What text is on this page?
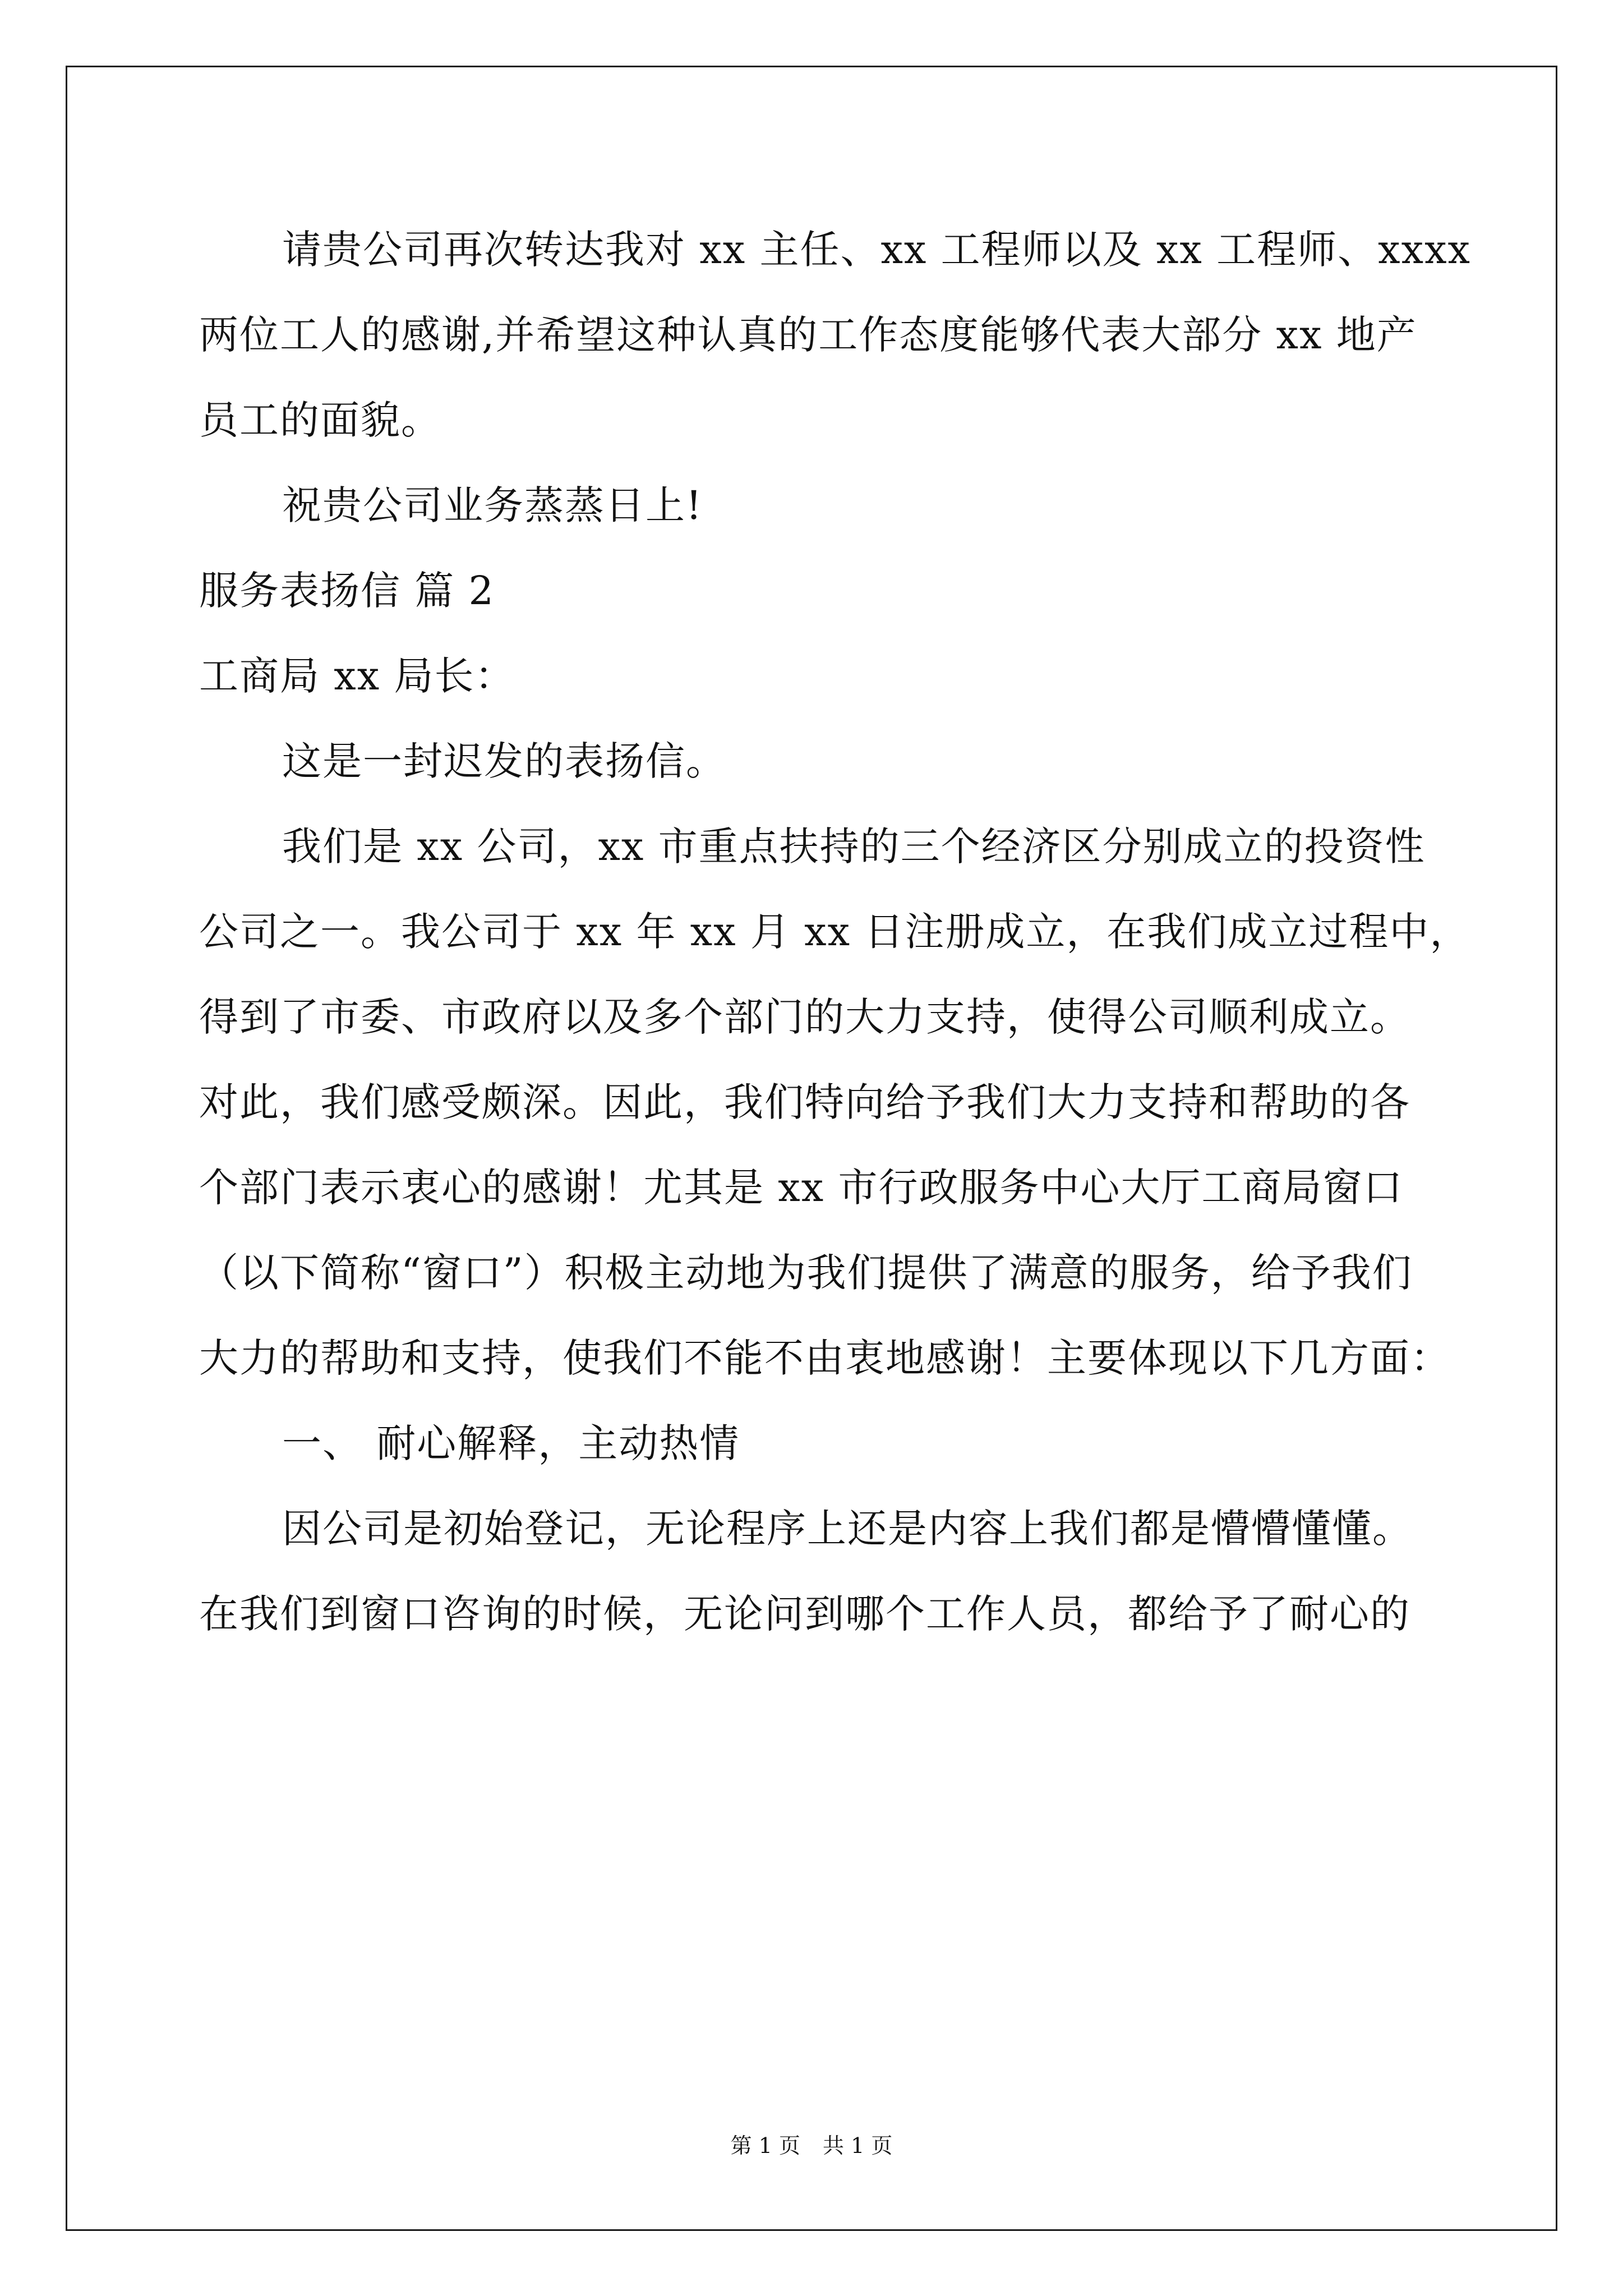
请贵公司再次转达我对 xx 主任、xx 工程师以及 xx 工程师、xxxx
两位工人的感谢,并希望这种认真的工作态度能够代表大部分 xx 地产
员工的面貌。
祝贵公司业务蒸蒸日上!
服务表扬信 篇 2
工商局 xx 局长：
这是一封迟发的表扬信。
我们是 xx 公司，xx 市重点扶持的三个经济区分别成立的投资性
公司之一。我公司于 xx 年 xx 月 xx 日注册成立，在我们成立过程中，
得到了市委、市政府以及多个部门的大力支持，使得公司顺利成立。
对此，我们感受颇深。因此，我们特向给予我们大力支持和帮助的各
个部门表示衷心的感谢！尤其是 xx 市行政服务中心大厅工商局窗口
（以下简称“窗口”）积极主动地为我们提供了满意的服务，给予我们
大力的帮助和支持，使我们不能不由衷地感谢！主要体现以下几方面：
一、 耐心解释，主动热情
因公司是初始登记，无论程序上还是内容上我们都是懵懵懂懂。
在我们到窗口咨询的时候，无论问到哪个工作人员，都给予了耐心的
第 1 页 共 1 页
